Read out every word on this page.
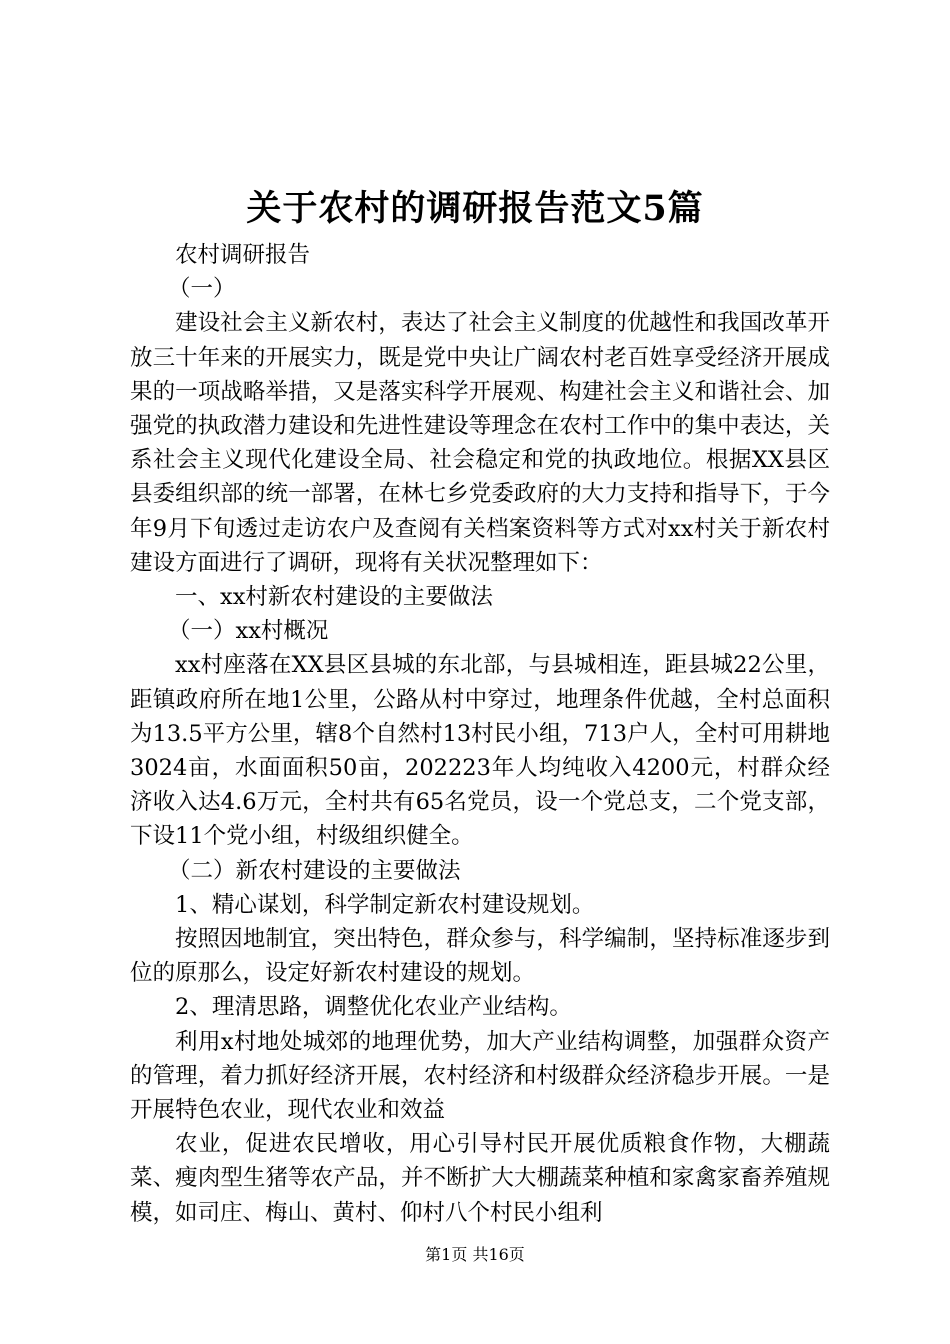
关于农村的调研报告范文5篇

农村调研报告

（一）

建设社会主义新农村，表达了社会主义制度的优越性和我国改革开放三十年来的开展实力，既是党中央让广阔农村老百姓享受经济开展成果的一项战略举措，又是落实科学开展观、构建社会主义和谐社会、加强党的执政潜力建设和先进性建设等理念在农村工作中的集中表达，关系社会主义现代化建设全局、社会稳定和党的执政地位。根据XX县区县委组织部的统一部署，在林七乡党委政府的大力支持和指导下，于今年9月下旬透过走访农户及查阅有关档案资料等方式对xx村关于新农村建设方面进行了调研，现将有关状况整理如下：

一、xx村新农村建设的主要做法

（一）xx村概况

xx村座落在XX县区县城的东北部，与县城相连，距县城22公里，距镇政府所在地1公里，公路从村中穿过，地理条件优越，全村总面积为13.5平方公里，辖8个自然村13村民小组，713户人，全村可用耕地3024亩，水面面积50亩，202223年人均纯收入4200元，村群众经济收入达4.6万元，全村共有65名党员，设一个党总支，二个党支部，下设11个党小组，村级组织健全。

（二）新农村建设的主要做法

1、精心谋划，科学制定新农村建设规划。

按照因地制宜，突出特色，群众参与，科学编制，坚持标准逐步到位的原那么，设定好新农村建设的规划。

2、理清思路，调整优化农业产业结构。

利用x村地处城郊的地理优势，加大产业结构调整，加强群众资产的管理，着力抓好经济开展，农村经济和村级群众经济稳步开展。一是开展特色农业，现代农业和效益

农业，促进农民增收，用心引导村民开展优质粮食作物，大棚蔬菜、瘦肉型生猪等农产品，并不断扩大大棚蔬菜种植和家禽家畜养殖规模，如司庄、梅山、黄村、仰村八个村民小组利

第1页 共16页
